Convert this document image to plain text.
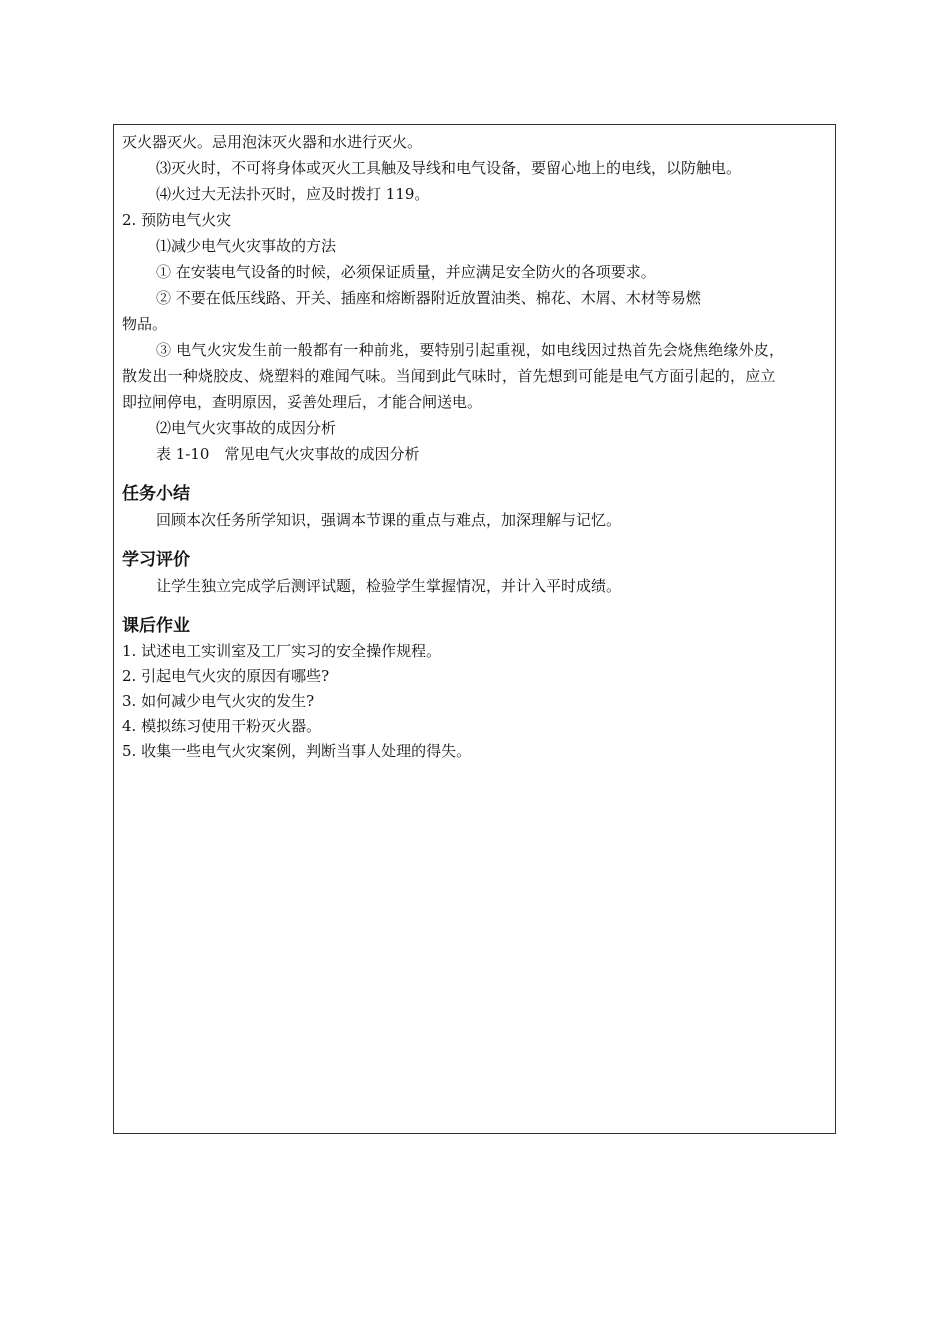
灭火器灭火。忌用泡沫灭火器和水进行灭火。
⑶灭火时，不可将身体或灭火工具触及导线和电气设备，要留心地上的电线，以防触电。
⑷火过大无法扑灭时，应及时拨打 119。
2. 预防电气火灾
⑴减少电气火灾事故的方法
① 在安装电气设备的时候，必须保证质量，并应满足安全防火的各项要求。
② 不要在低压线路、开关、插座和熔断器附近放置油类、棉花、木屑、木材等易燃
物品。
③ 电气火灾发生前一般都有一种前兆，要特别引起重视，如电线因过热首先会烧焦绝缘外皮，
散发出一种烧胶皮、烧塑料的难闻气味。当闻到此气味时，首先想到可能是电气方面引起的，应立
即拉闸停电，查明原因，妥善处理后，才能合闸送电。
⑵电气火灾事故的成因分析
表 1-10　常见电气火灾事故的成因分析
任务小结
回顾本次任务所学知识，强调本节课的重点与难点，加深理解与记忆。
学习评价
让学生独立完成学后测评试题，检验学生掌握情况，并计入平时成绩。
课后作业
1. 试述电工实训室及工厂实习的安全操作规程。
2. 引起电气火灾的原因有哪些?
3. 如何减少电气火灾的发生?
4. 模拟练习使用干粉灭火器。
5. 收集一些电气火灾案例，判断当事人处理的得失。
